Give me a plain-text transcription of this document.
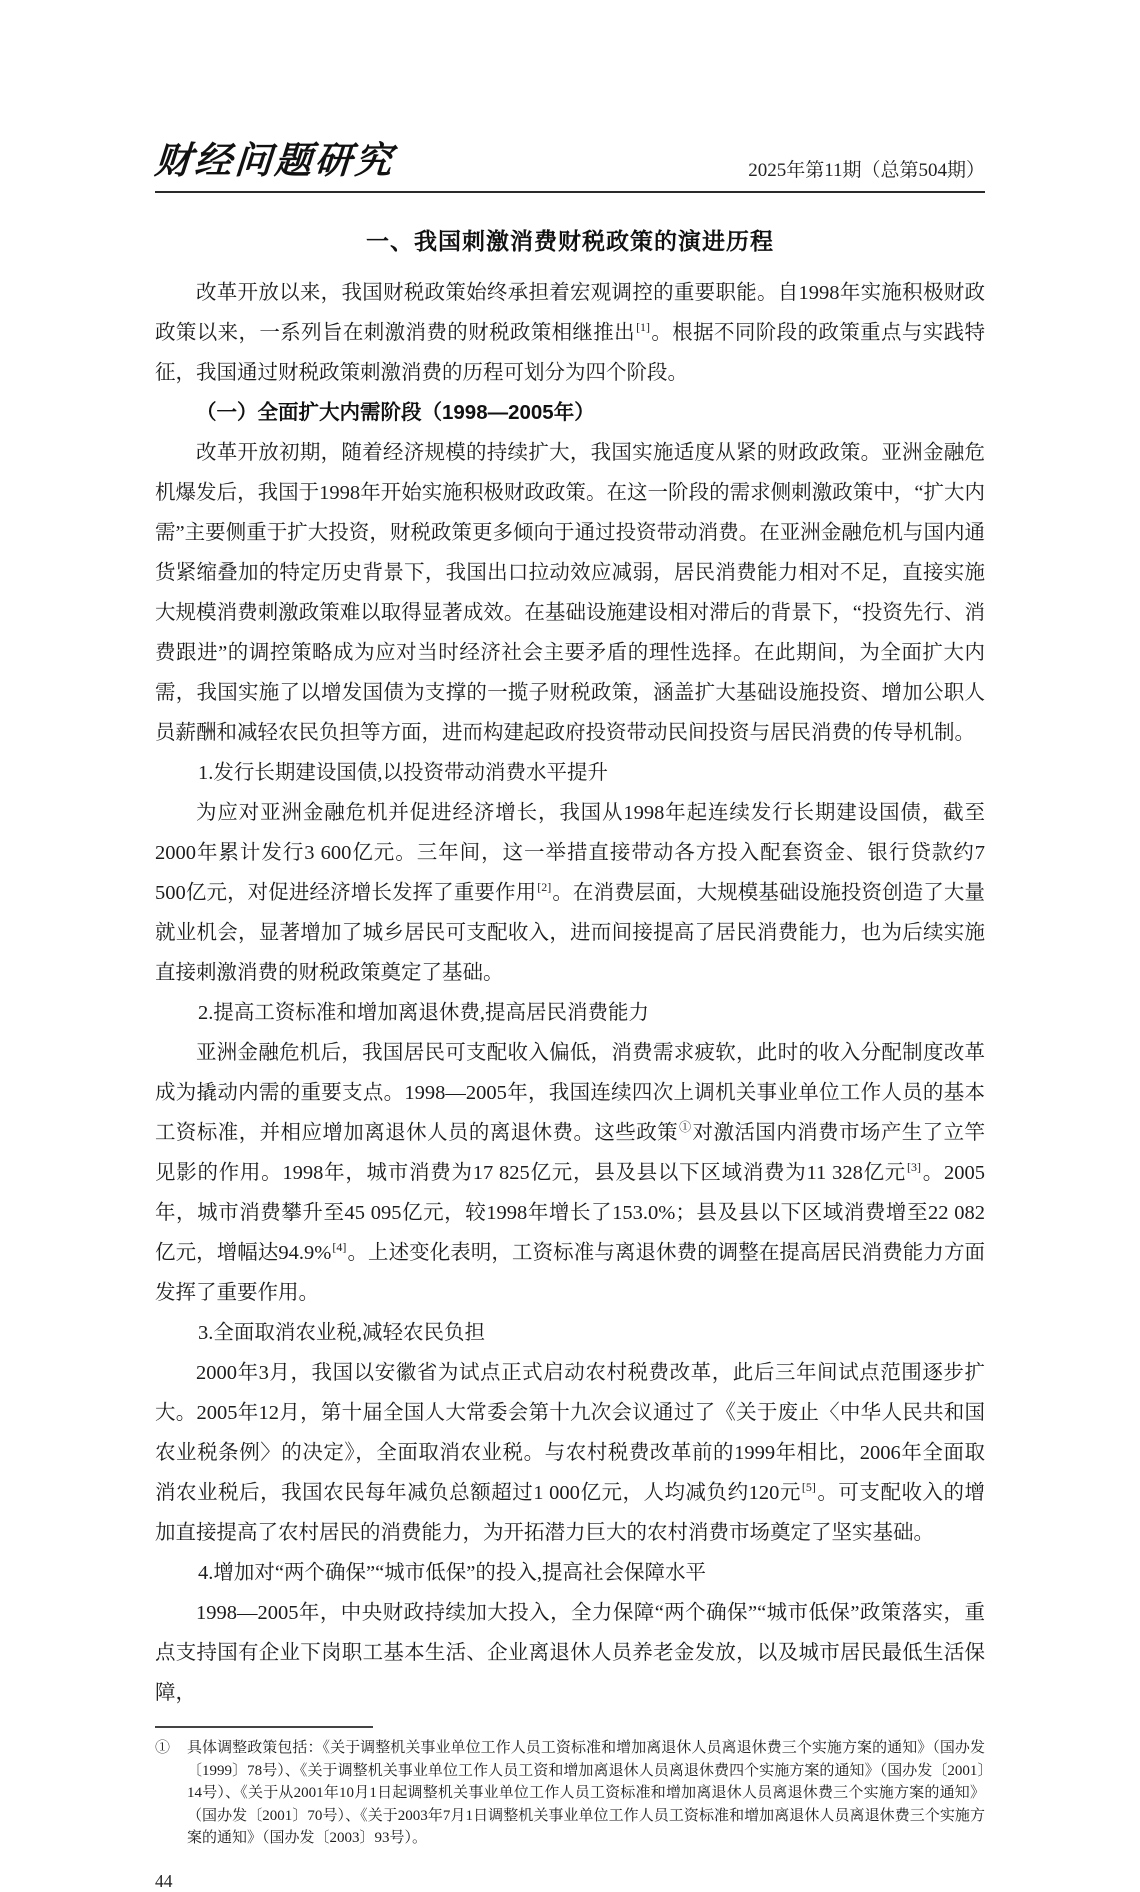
财经问题研究	2025年第11期（总第504期）
一、我国刺激消费财税政策的演进历程

改革开放以来，我国财税政策始终承担着宏观调控的重要职能。自1998年实施积极财政政策以来，一系列旨在刺激消费的财税政策相继推出[1]。根据不同阶段的政策重点与实践特征，我国通过财税政策刺激消费的历程可划分为四个阶段。

（一）全面扩大内需阶段（1998—2005年）

改革开放初期，随着经济规模的持续扩大，我国实施适度从紧的财政政策。亚洲金融危机爆发后，我国于1998年开始实施积极财政政策。在这一阶段的需求侧刺激政策中，“扩大内需”主要侧重于扩大投资，财税政策更多倾向于通过投资带动消费。在亚洲金融危机与国内通货紧缩叠加的特定历史背景下，我国出口拉动效应减弱，居民消费能力相对不足，直接实施大规模消费刺激政策难以取得显著成效。在基础设施建设相对滞后的背景下，“投资先行、消费跟进”的调控策略成为应对当时经济社会主要矛盾的理性选择。在此期间，为全面扩大内需，我国实施了以增发国债为支撑的一揽子财税政策，涵盖扩大基础设施投资、增加公职人员薪酬和减轻农民负担等方面，进而构建起政府投资带动民间投资与居民消费的传导机制。

1.发行长期建设国债,以投资带动消费水平提升

为应对亚洲金融危机并促进经济增长，我国从1998年起连续发行长期建设国债，截至2000年累计发行3 600亿元。三年间，这一举措直接带动各方投入配套资金、银行贷款约7 500亿元，对促进经济增长发挥了重要作用[2]。在消费层面，大规模基础设施投资创造了大量就业机会，显著增加了城乡居民可支配收入，进而间接提高了居民消费能力，也为后续实施直接刺激消费的财税政策奠定了基础。

2.提高工资标准和增加离退休费,提高居民消费能力

亚洲金融危机后，我国居民可支配收入偏低，消费需求疲软，此时的收入分配制度改革成为撬动内需的重要支点。1998—2005年，我国连续四次上调机关事业单位工作人员的基本工资标准，并相应增加离退休人员的离退休费。这些政策①对激活国内消费市场产生了立竿见影的作用。1998年，城市消费为17 825亿元，县及县以下区域消费为11 328亿元[3]。2005年，城市消费攀升至45 095亿元，较1998年增长了153.0%；县及县以下区域消费增至22 082亿元，增幅达94.9%[4]。上述变化表明，工资标准与离退休费的调整在提高居民消费能力方面发挥了重要作用。

3.全面取消农业税,减轻农民负担

2000年3月，我国以安徽省为试点正式启动农村税费改革，此后三年间试点范围逐步扩大。2005年12月，第十届全国人大常委会第十九次会议通过了《关于废止〈中华人民共和国农业税条例〉的决定》，全面取消农业税。与农村税费改革前的1999年相比，2006年全面取消农业税后，我国农民每年减负总额超过1 000亿元，人均减负约120元[5]。可支配收入的增加直接提高了农村居民的消费能力，为开拓潜力巨大的农村消费市场奠定了坚实基础。

4.增加对“两个确保”“城市低保”的投入,提高社会保障水平

1998—2005年，中央财政持续加大投入，全力保障“两个确保”“城市低保”政策落实，重点支持国有企业下岗职工基本生活、企业离退休人员养老金发放，以及城市居民最低生活保障，

①	具体调整政策包括：《关于调整机关事业单位工作人员工资标准和增加离退休人员离退休费三个实施方案的通知》（国办发〔1999〕78号）、《关于调整机关事业单位工作人员工资和增加离退休人员离退休费四个实施方案的通知》（国办发〔2001〕14号）、《关于从2001年10月1日起调整机关事业单位工作人员工资标准和增加离退休人员离退休费三个实施方案的通知》（国办发〔2001〕70号）、《关于2003年7月1日调整机关事业单位工作人员工资标准和增加离退休人员离退休费三个实施方案的通知》（国办发〔2003〕93号）。
44
